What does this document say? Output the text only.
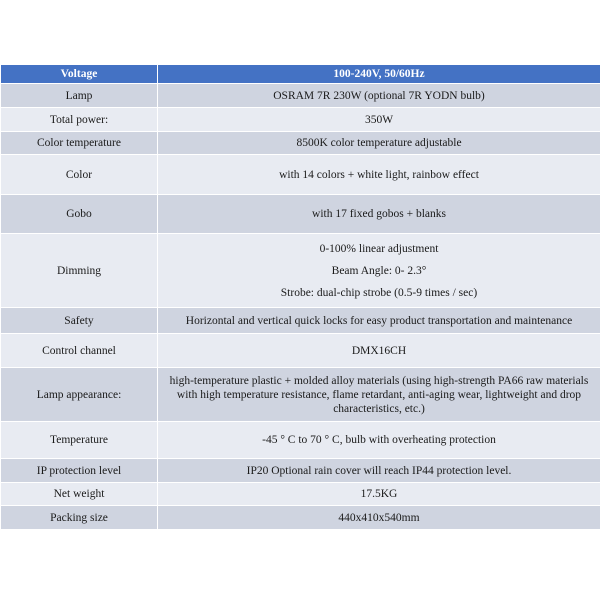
Voltage	100-240V, 50/60Hz
Lamp	OSRAM 7R 230W (optional 7R YODN bulb)
Total power:	350W
Color temperature	8500K color temperature adjustable
Color	with 14 colors + white light, rainbow effect
Gobo	with 17 fixed gobos + blanks
Dimming	0-100% linear adjustment
Beam Angle: 0- 2.3°
Strobe: dual-chip strobe (0.5-9 times / sec)

Safety	Horizontal and vertical quick locks for easy product transportation and maintenance
Control channel	DMX16CH
Lamp appearance:	high-temperature plastic + molded alloy materials (using high-strength PA66 raw materials with high temperature resistance, flame retardant, anti-aging wear, lightweight and drop characteristics, etc.)
Temperature	-45 ° C to 70 ° C, bulb with overheating protection
IP protection level	IP20 Optional rain cover will reach IP44 protection level.
Net weight	17.5KG
Packing size	440x410x540mm
